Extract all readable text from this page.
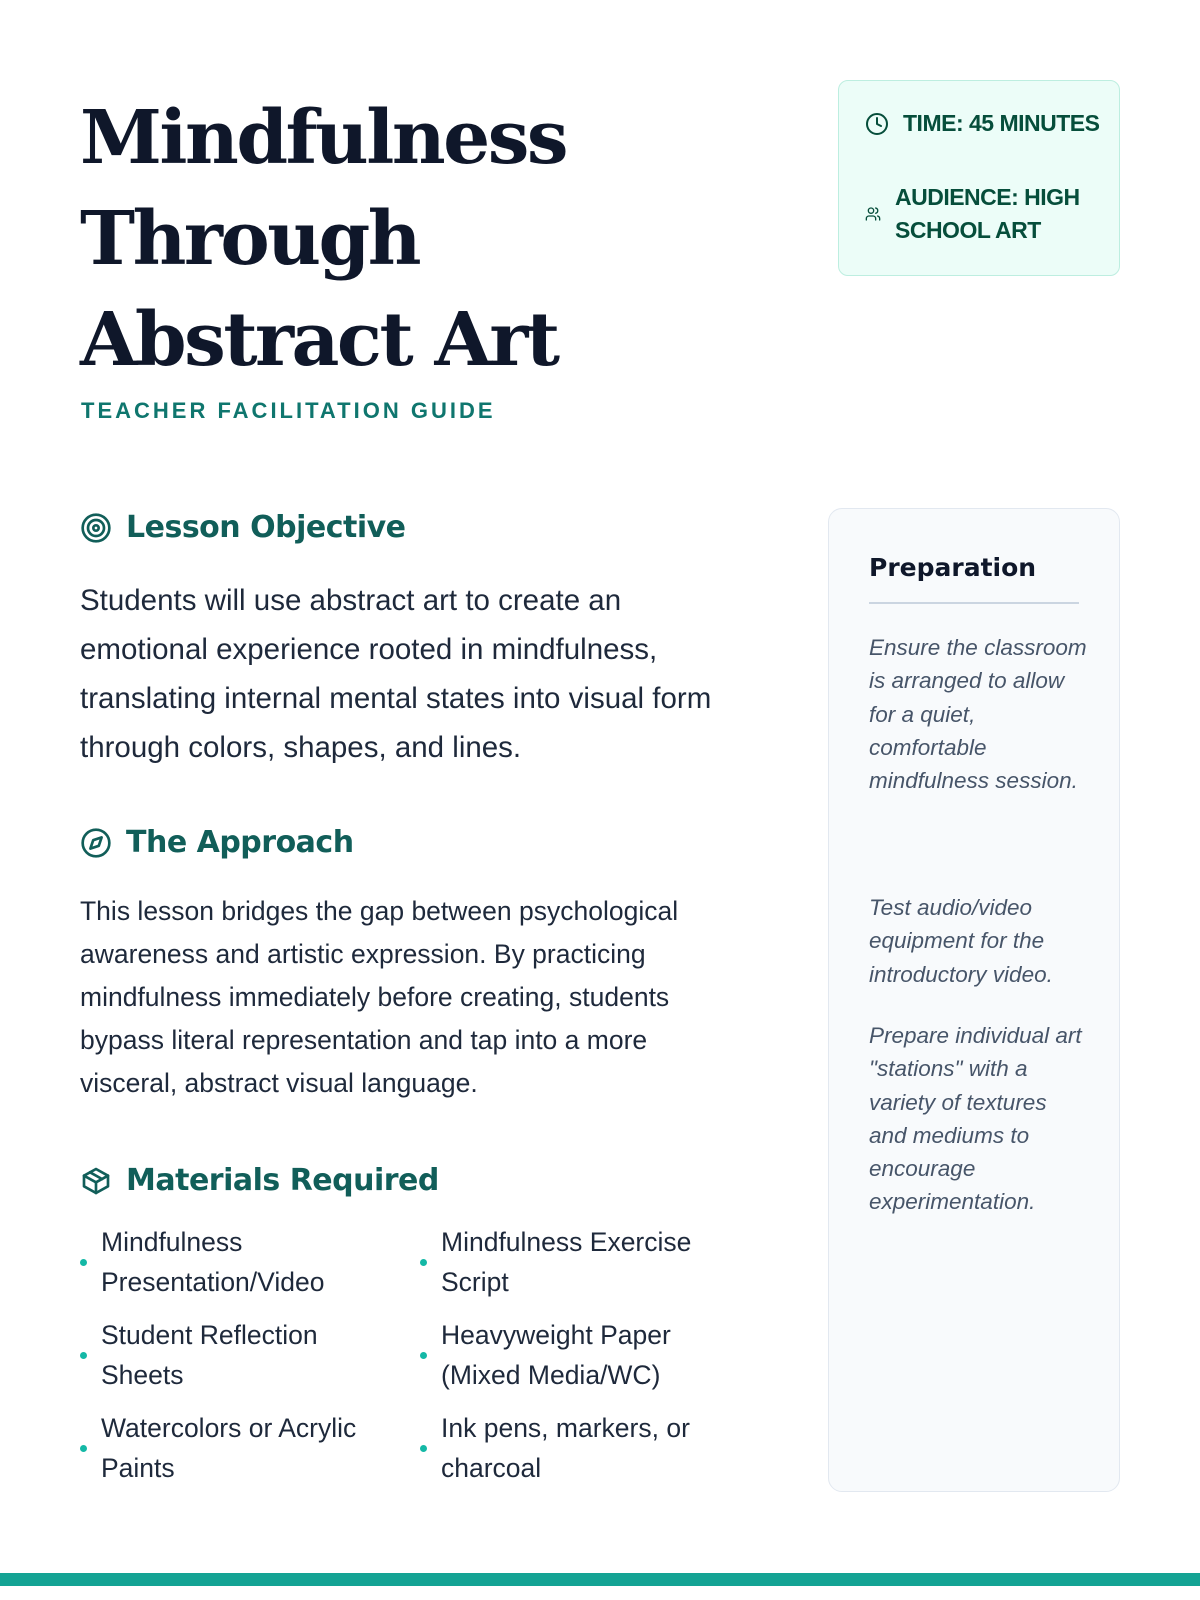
Mindfulness Through Abstract Art
TEACHER FACILITATION GUIDE
TIME: 45 MINUTES
AUDIENCE: HIGH SCHOOL ART
Lesson Objective

Students will use abstract art to create an emotional experience rooted in mindfulness, translating internal mental states into visual form through colors, shapes, and lines.

The Approach

This lesson bridges the gap between psychological awareness and artistic expression. By practicing mindfulness immediately before creating, students bypass literal representation and tap into a more visceral, abstract visual language.

Materials Required
Mindfulness Presentation/Video
Mindfulness Exercise Script
Student Reflection Sheets
Heavyweight Paper (Mixed Media/WC)
Watercolors or Acrylic Paints
Ink pens, markers, or charcoal
Preparation

Ensure the classroom is arranged to allow for a quiet, comfortable mindfulness session.

Test audio/video equipment for the introductory video.

Prepare individual art "stations" with a variety of textures and mediums to encourage experimentation.
